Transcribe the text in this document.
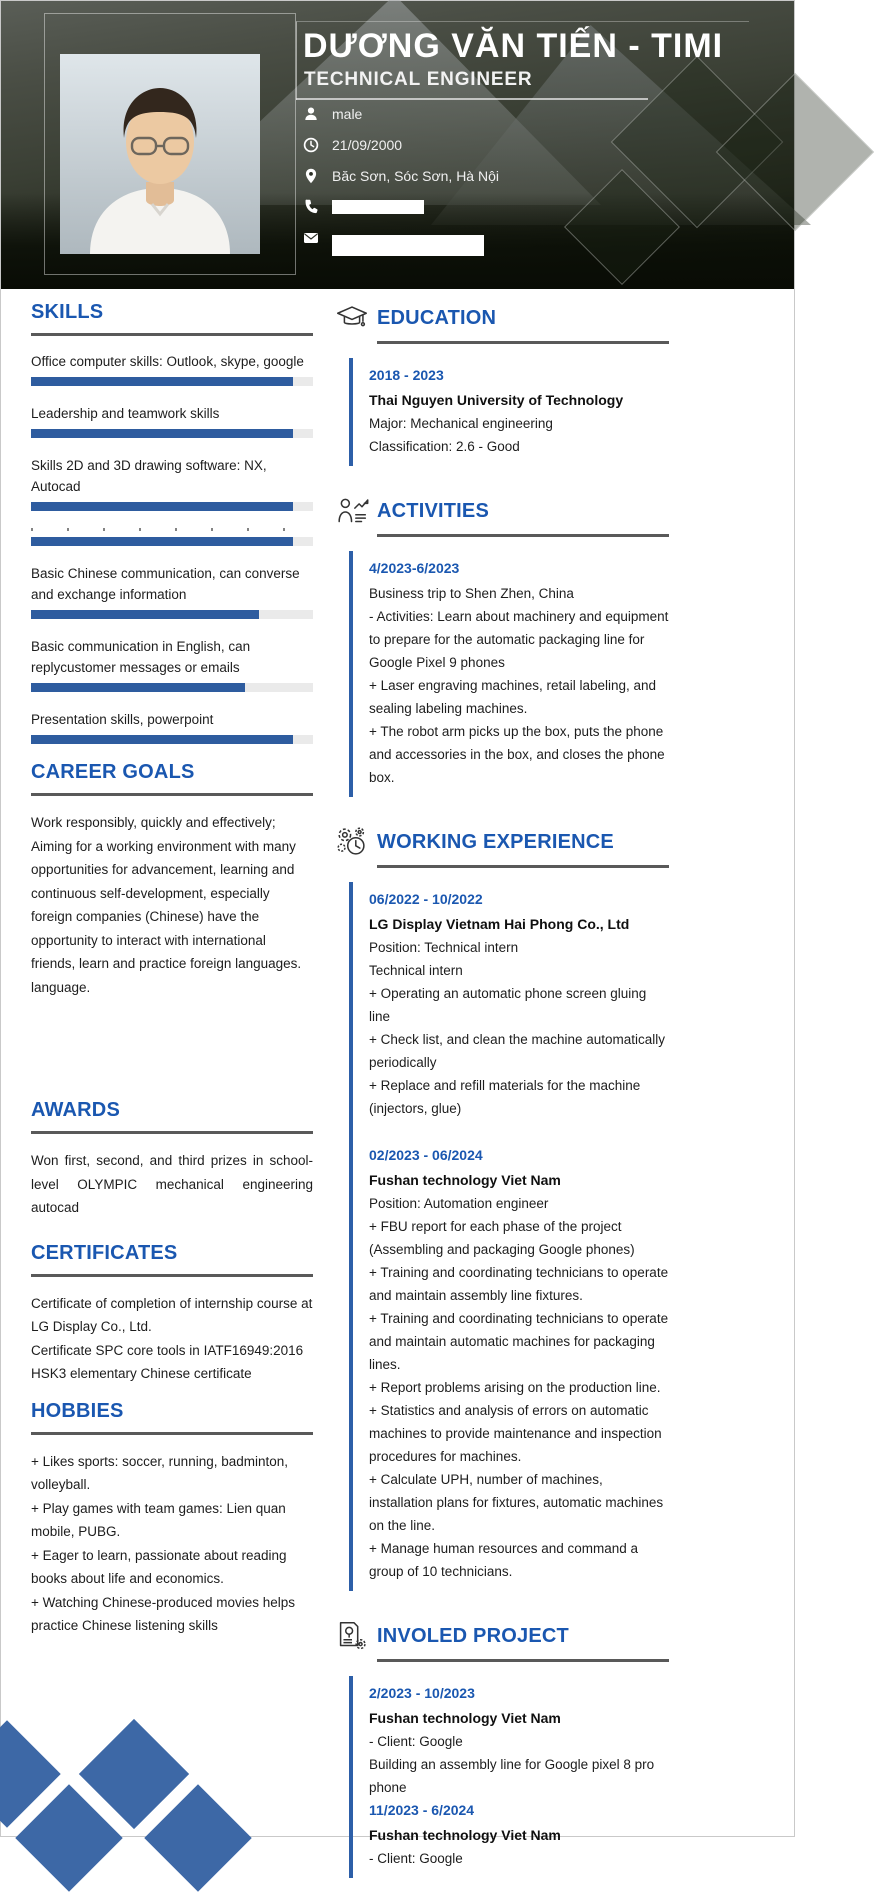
DƯƠNG VĂN TIẾN - TIMI
TECHNICAL ENGINEER
male
21/09/2000
Băc Sơn, Sóc Sơn, Hà Nội
SKILLS
Office computer skills: Outlook, skype, google
Leadership and teamwork skills
Skills 2D and 3D drawing software: NX, Autocad
Basic Chinese communication, can converse and exchange information
Basic communication in English, can replycustomer messages or emails
Presentation skills, powerpoint
CAREER GOALS

Work responsibly, quickly and effectively;

Aiming for a working environment with many opportunities for advancement, learning and continuous self-development, especially foreign companies (Chinese) have the opportunity to interact with international friends, learn and practice foreign languages. language.

AWARDS

Won first, second, and third prizes in school-level OLYMPIC mechanical engineering autocad

CERTIFICATES

Certificate of completion of internship course at LG Display Co., Ltd.

Certificate SPC core tools in IATF16949:2016

HSK3 elementary Chinese certificate

HOBBIES

+ Likes sports: soccer, running, badminton, volleyball.

+ Play games with team games: Lien quan mobile, PUBG.

+ Eager to learn, passionate about reading books about life and economics.

+ Watching Chinese-produced movies helps practice Chinese listening skills

EDUCATION

2018 - 2023

Thai Nguyen University of Technology

Major: Mechanical engineering

Classification: 2.6 - Good

ACTIVITIES

4/2023-6/2023

Business trip to Shen Zhen, China

- Activities: Learn about machinery and equipment to prepare for the automatic packaging line for Google Pixel 9 phones

+ Laser engraving machines, retail labeling, and sealing labeling machines.

+ The robot arm picks up the box, puts the phone and accessories in the box, and closes the phone box.

WORKING EXPERIENCE

06/2022 - 10/2022

LG Display Vietnam Hai Phong Co., Ltd

Position: Technical intern

Technical intern

+ Operating an automatic phone screen gluing line

+ Check list, and clean the machine automatically periodically

+ Replace and refill materials for the machine (injectors, glue)

02/2023 - 06/2024

Fushan technology Viet Nam

Position: Automation engineer

+ FBU report for each phase of the project (Assembling and packaging Google phones)

+ Training and coordinating technicians to operate and maintain assembly line fixtures.

+ Training and coordinating technicians to operate and maintain automatic machines for packaging lines.

+ Report problems arising on the production line.

+ Statistics and analysis of errors on automatic machines to provide maintenance and inspection procedures for machines.

+ Calculate UPH, number of machines, installation plans for fixtures, automatic machines on the line.

+ Manage human resources and command a group of 10 technicians.

INVOLED PROJECT

2/2023 - 10/2023

Fushan technology Viet Nam

- Client: Google

Building an assembly line for Google pixel 8 pro phone

11/2023 - 6/2024

Fushan technology Viet Nam

- Client: Google
